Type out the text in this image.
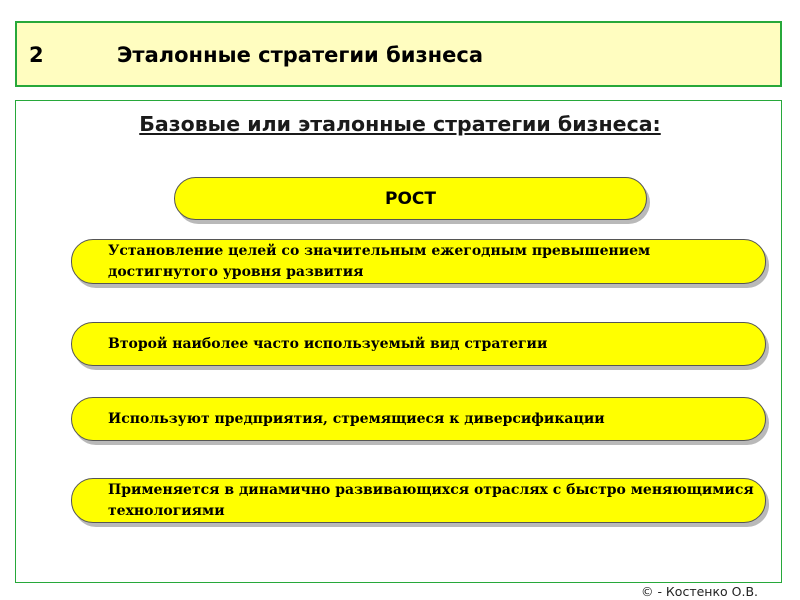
2	Эталонные стратегии бизнеса
Базовые или эталонные стратегии бизнеса:
РОСТ
Установление целей со значительным ежегодным превышением достигнутого уровня развития
Второй наиболее часто используемый вид стратегии
Используют предприятия, стремящиеся к диверсификации
Применяется в динамично развивающихся отраслях с быстро меняющимися технологиями
© - Костенко О.В.
